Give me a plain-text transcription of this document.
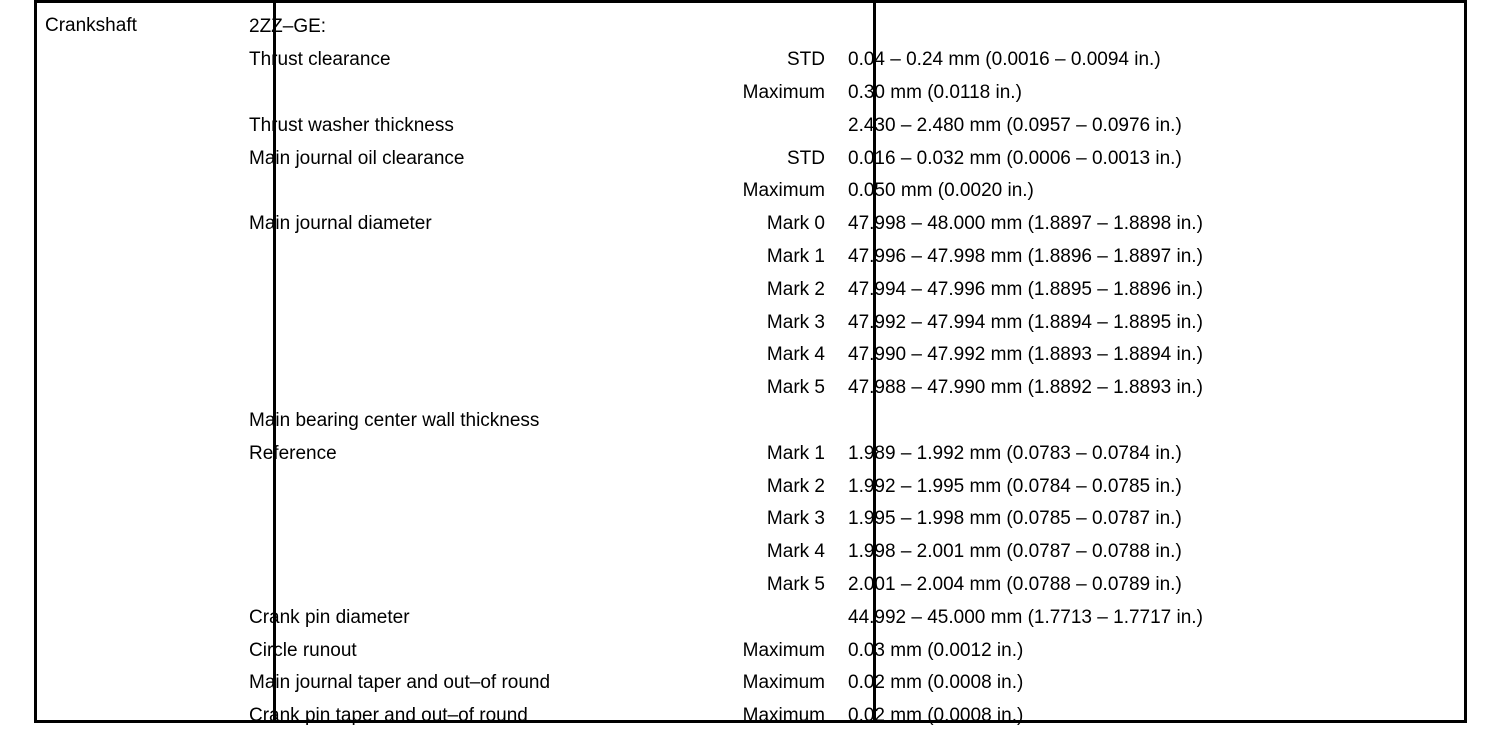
Crankshaft	2ZZ–GE:
Thrust clearance	STD 0.04 – 0.24 mm (0.0016 – 0.0094 in.)
Maximum 0.30 mm (0.0118 in.)
Thrust washer thickness	2.430 – 2.480 mm (0.0957 – 0.0976 in.)
Main journal oil clearance	STD 0.016 – 0.032 mm (0.0006 – 0.0013 in.)
Maximum 0.050 mm (0.0020 in.)
Main journal diameter	Mark 0 47.998 – 48.000 mm (1.8897 – 1.8898 in.)
Mark 1 47.996 – 47.998 mm (1.8896 – 1.8897 in.)
Mark 2 47.994 – 47.996 mm (1.8895 – 1.8896 in.)
Mark 3 47.992 – 47.994 mm (1.8894 – 1.8895 in.)
Mark 4 47.990 – 47.992 mm (1.8893 – 1.8894 in.)
Mark 5 47.988 – 47.990 mm (1.8892 – 1.8893 in.)
Main bearing center wall thickness
Reference	Mark 1 1.989 – 1.992 mm (0.0783 – 0.0784 in.)
Mark 2 1.992 – 1.995 mm (0.0784 – 0.0785 in.)
Mark 3 1.995 – 1.998 mm (0.0785 – 0.0787 in.)
Mark 4 1.998 – 2.001 mm (0.0787 – 0.0788 in.)
Mark 5 2.001 – 2.004 mm (0.0788 – 0.0789 in.)
Crank pin diameter	44.992 – 45.000 mm (1.7713 – 1.7717 in.)
Circle runout	Maximum 0.03 mm (0.0012 in.)
Main journal taper and out–of round	Maximum 0.02 mm (0.0008 in.)
Crank pin taper and out–of round	Maximum 0.02 mm (0.0008 in.)
